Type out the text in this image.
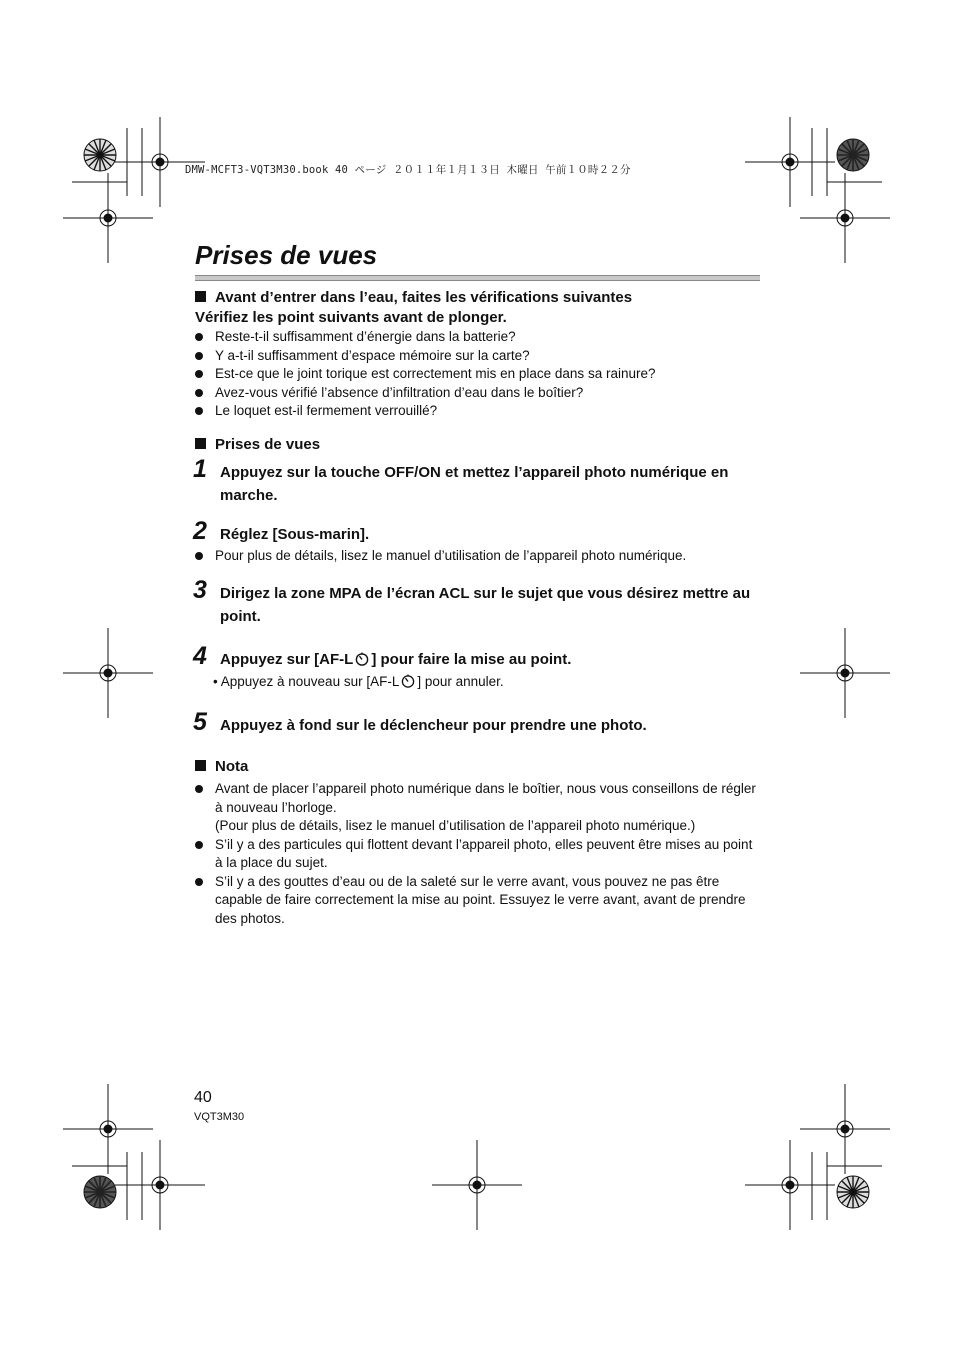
DMW-MCFT3-VQT3M30.book 40 ページ ２０１１年１月１３日 木曜日 午前１０時２２分
Prises de vues
Avant d’entrer dans l’eau, faites les vérifications suivantes
Vérifiez les point suivants avant de plonger.
Reste-t-il suffisamment d’énergie dans la batterie?
Y a-t-il suffisamment d’espace mémoire sur la carte?
Est-ce que le joint torique est correctement mis en place dans sa rainure?
Avez-vous vérifié l’absence d’infiltration d’eau dans le boîtier?
Le loquet est-il fermement verrouillé?
Prises de vues
1 Appuyez sur la touche OFF/ON et mettez l’appareil photo numérique en marche.
2 Réglez [Sous-marin].
Pour plus de détails, lisez le manuel d’utilisation de l’appareil photo numérique.
3 Dirigez la zone MPA de l’écran ACL sur le sujet que vous désirez mettre au point.
4 Appuyez sur [AF-L ] pour faire la mise au point.
• Appuyez à nouveau sur [AF-L ] pour annuler.
5 Appuyez à fond sur le déclencheur pour prendre une photo.
Nota
Avant de placer l’appareil photo numérique dans le boîtier, nous vous conseillons de régler à nouveau l’horloge.
(Pour plus de détails, lisez le manuel d’utilisation de l’appareil photo numérique.)
S’il y a des particules qui flottent devant l’appareil photo, elles peuvent être mises au point à la place du sujet.
S’il y a des gouttes d’eau ou de la saleté sur le verre avant, vous pouvez ne pas être capable de faire correctement la mise au point. Essuyez le verre avant, avant de prendre des photos.
40
VQT3M30
